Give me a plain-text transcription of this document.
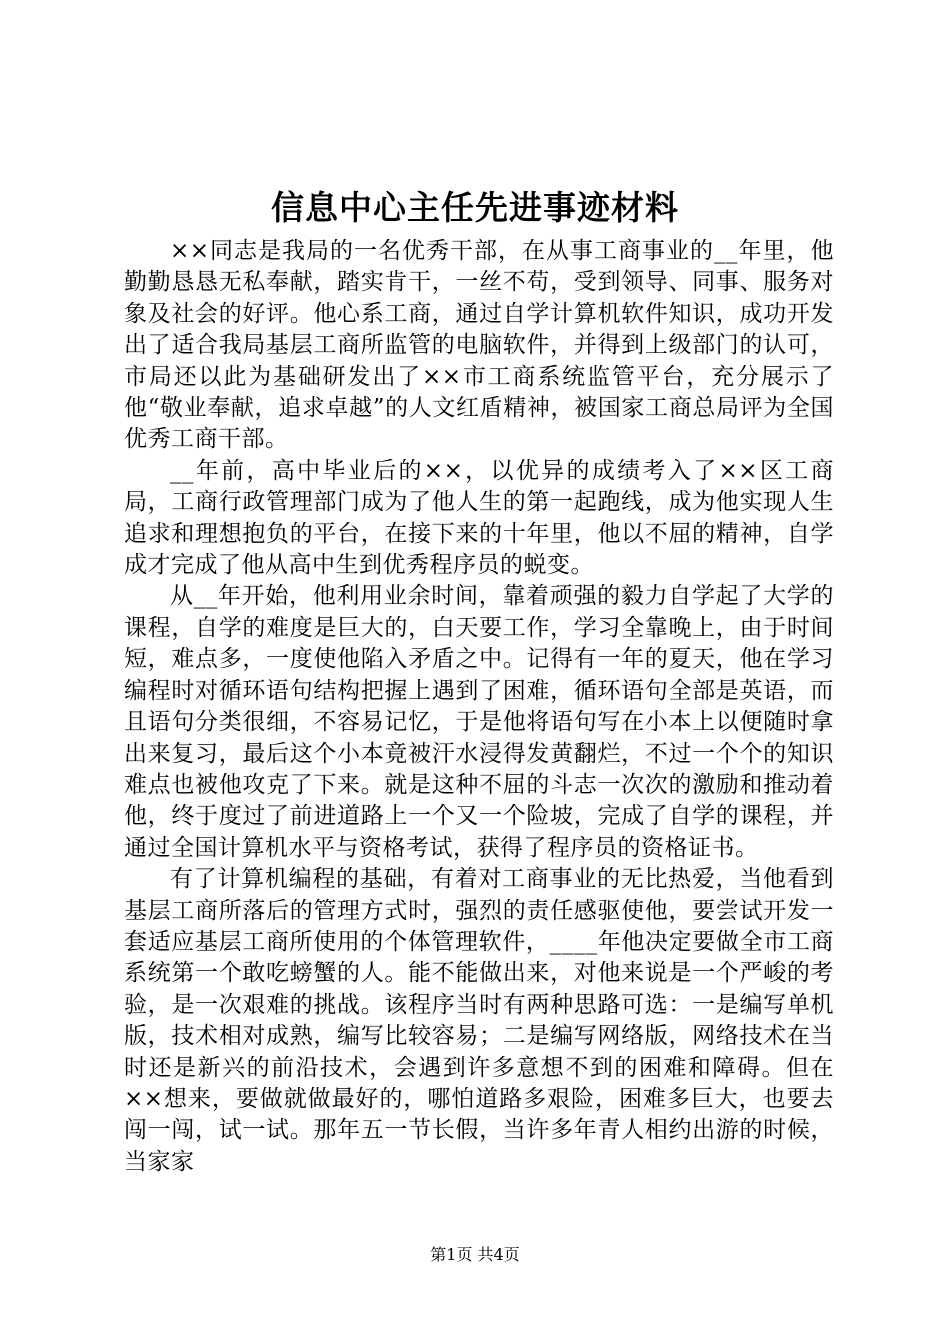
信息中心主任先进事迹材料

××同志是我局的一名优秀干部，在从事工商事业的__年里，他勤勤恳恳无私奉献，踏实肯干，一丝不苟，受到领导、同事、服务对象及社会的好评。他心系工商，通过自学计算机软件知识，成功开发出了适合我局基层工商所监管的电脑软件，并得到上级部门的认可，市局还以此为基础研发出了××市工商系统监管平台，充分展示了他“敬业奉献，追求卓越”的人文红盾精神，被国家工商总局评为全国优秀工商干部。

__年前，高中毕业后的××，以优异的成绩考入了××区工商局，工商行政管理部门成为了他人生的第一起跑线，成为他实现人生追求和理想抱负的平台，在接下来的十年里，他以不屈的精神，自学成才完成了他从高中生到优秀程序员的蜕变。

从__年开始，他利用业余时间，靠着顽强的毅力自学起了大学的课程，自学的难度是巨大的，白天要工作，学习全靠晚上，由于时间短，难点多，一度使他陷入矛盾之中。记得有一年的夏天，他在学习编程时对循环语句结构把握上遇到了困难，循环语句全部是英语，而且语句分类很细，不容易记忆，于是他将语句写在小本上以便随时拿出来复习，最后这个小本竟被汗水浸得发黄翻烂，不过一个个的知识难点也被他攻克了下来。就是这种不屈的斗志一次次的激励和推动着他，终于度过了前进道路上一个又一个险坡，完成了自学的课程，并通过全国计算机水平与资格考试，获得了程序员的资格证书。

有了计算机编程的基础，有着对工商事业的无比热爱，当他看到基层工商所落后的管理方式时，强烈的责任感驱使他，要尝试开发一套适应基层工商所使用的个体管理软件，____年他决定要做全市工商系统第一个敢吃螃蟹的人。能不能做出来，对他来说是一个严峻的考验，是一次艰难的挑战。该程序当时有两种思路可选：一是编写单机版，技术相对成熟，编写比较容易；二是编写网络版，网络技术在当时还是新兴的前沿技术，会遇到许多意想不到的困难和障碍。但在××想来，要做就做最好的，哪怕道路多艰险，困难多巨大，也要去闯一闯，试一试。那年五一节长假，当许多年青人相约出游的时候，当家家

第1页 共4页
